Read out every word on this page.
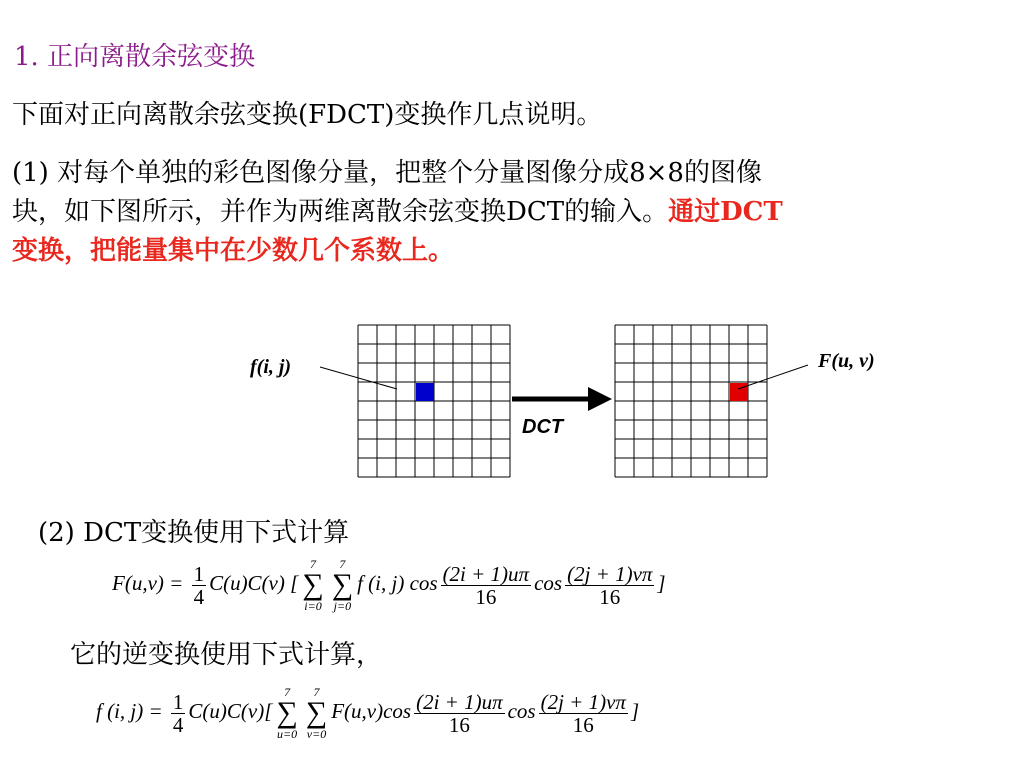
1. 正向离散余弦变换
下面对正向离散余弦变换(FDCT)变换作几点说明。
(1) 对每个单独的彩色图像分量，把整个分量图像分成8×8的图像
块，如下图所示，并作为两维离散余弦变换DCT的输入。通过DCT
变换，把能量集中在少数几个系数上。
f(i, j)	F(u, v)
DCT
(2) DCT变换使用下式计算
$F(u,v) = \frac{1}{4} C(u)C(v)$ [
7
∑
i=0
7
∑
j=0
f (i, j) $\cos \frac{(2i + 1)u\pi}{16}$ $\cos \frac{(2j + 1)v\pi}{16}$ ]
它的逆变换使用下式计算，
f (i, $j) = \frac{1}{4} C(u)C(v)$[
7
∑
u=0
7
∑
v=0
$F(u,v)\cos \frac{(2i + 1)u\pi}{16}$ $\cos \frac{(2j + 1)v\pi}{16}$ ]
